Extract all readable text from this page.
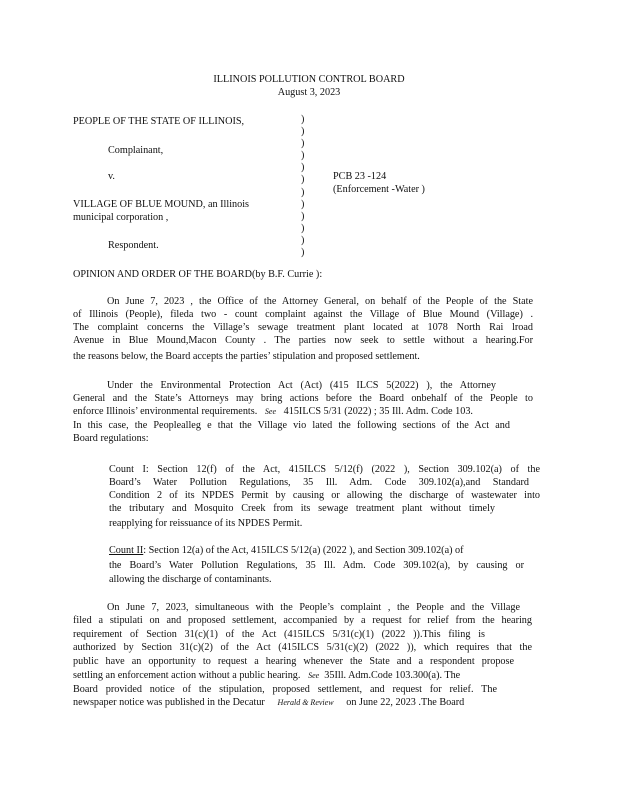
ILLINOIS POLLUTION CONTROL BOARD

August 3, 2023

PEOPLE OF THE STATE OF ILLINOIS,

Complainant,

v.	PCB 23 -124

(Enforcement -Water )

VILLAGE OF BLUE MOUND, an Illinois

municipal corporation ,

Respondent.

)
)
)
)
)
)
)
)
)
)
)
)

OPINION AND ORDER OF THE BOARD(by B.F. Currie ):

On June 7, 2023 , the Office of the Attorney General, on behalf of the People of the State

of Illinois (People), fileda two - count complaint against the Village of Blue Mound (Village) .

The complaint concerns the Village’s sewage treatment plant located at 1078 North Rai lroad

Avenue in Blue Mound,Macon County . The parties now seek to settle without a hearing.For

the reasons below, the Board accepts the parties’ stipulation and proposed settlement.

Under the Environmental Protection Act (Act) (415 ILCS 5(2022) ), the Attorney

General and the State’s Attorneys may bring actions before the Board onbehalf of the People to

enforce Illinois’ environmental requirements. See 415ILCS 5/31 (2022) ; 35 Ill. Adm. Code 103.

In this case, the Peoplealleg e that the Village vio lated the following sections of the Act and

Board regulations:

Count I: Section 12(f) of the Act, 415ILCS 5/12(f) (2022 ), Section 309.102(a) of the

Board’s Water Pollution Regulations, 35 Ill. Adm. Code 309.102(a),and Standard

Condition 2 of its NPDES Permit by causing or allowing the discharge of wastewater into

the tributary and Mosquito Creek from its sewage treatment plant without timely

reapplying for reissuance of its NPDES Permit.

Count II: Section 12(a) of the Act, 415ILCS 5/12(a) (2022 ), and Section 309.102(a) of

the Board’s Water Pollution Regulations, 35 Ill. Adm. Code 309.102(a), by causing or

allowing the discharge of contaminants.

On June 7, 2023, simultaneous with the People’s complaint , the People and the Village

filed a stipulati on and proposed settlement, accompanied by a request for relief from the hearing

requirement of Section 31(c)(1) of the Act (415ILCS 5/31(c)(1) (2022 )).This filing is

authorized by Section 31(c)(2) of the Act (415ILCS 5/31(c)(2) (2022 )), which requires that the

public have an opportunity to request a hearing whenever the State and a respondent propose

settling an enforcement action without a public hearing. See 35Ill. Adm.Code 103.300(a). The

Board provided notice of the stipulation, proposed settlement, and request for relief. The

newspaper notice was published in the Decatur Herald & Review on June 22, 2023 .The Board
